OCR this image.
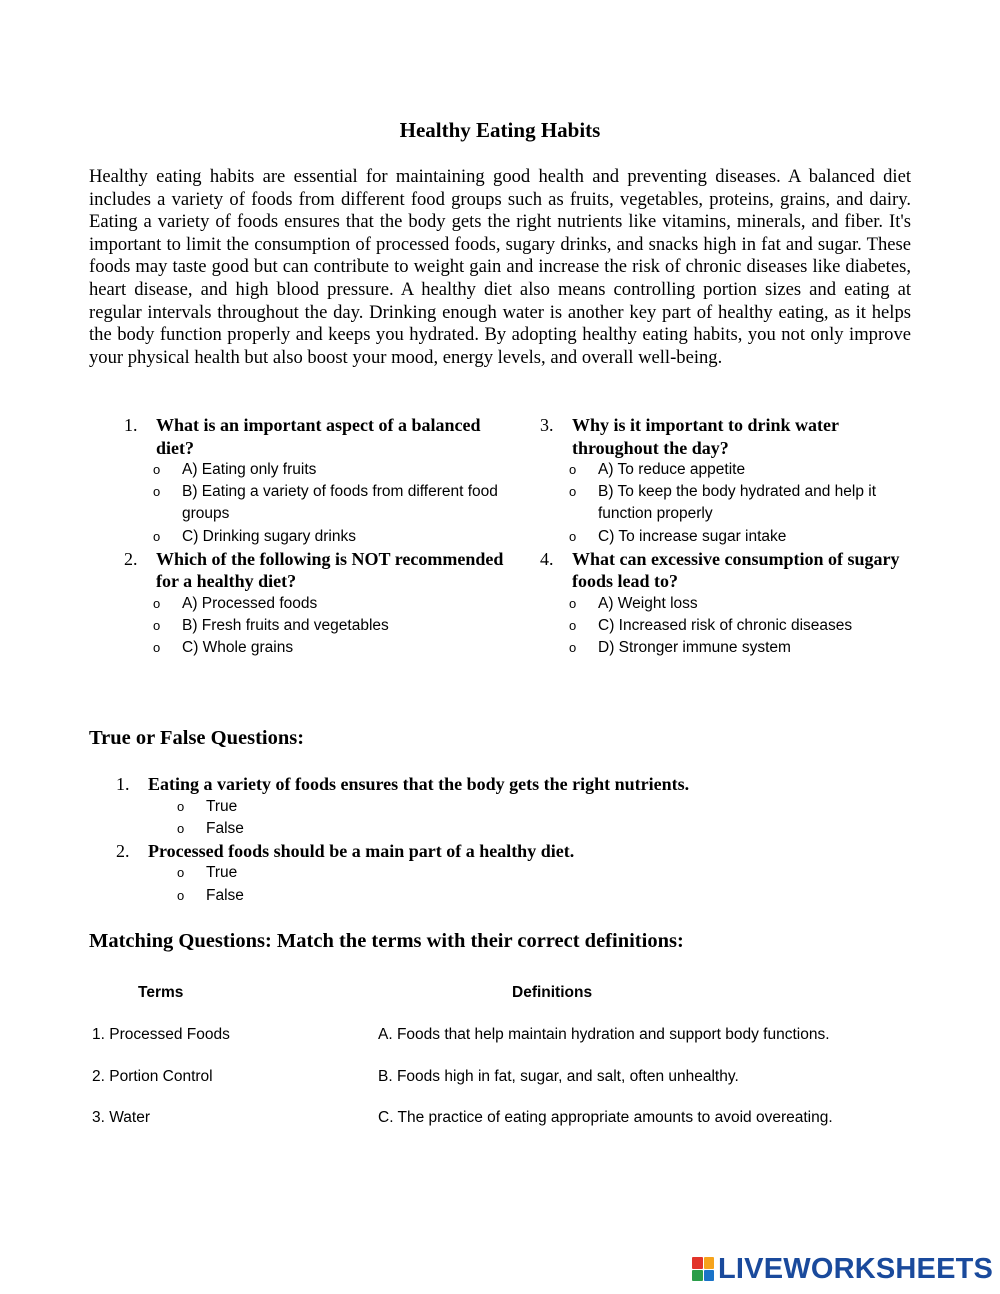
Healthy Eating Habits

Healthy eating habits are essential for maintaining good health and preventing diseases. A balanced diet includes a variety of foods from different food groups such as fruits, vegetables, proteins, grains, and dairy. Eating a variety of foods ensures that the body gets the right nutrients like vitamins, minerals, and fiber. It's important to limit the consumption of processed foods, sugary drinks, and snacks high in fat and sugar. These foods may taste good but can contribute to weight gain and increase the risk of chronic diseases like diabetes, heart disease, and high blood pressure. A healthy diet also means controlling portion sizes and eating at regular intervals throughout the day. Drinking enough water is another key part of healthy eating, as it helps the body function properly and keeps you hydrated. By adopting healthy eating habits, you not only improve your physical health but also boost your mood, energy levels, and overall well-being.

1. What is an important aspect of a balanced diet?
o A) Eating only fruits
o B) Eating a variety of foods from different food groups
o C) Drinking sugary drinks
2. Which of the following is NOT recommended for a healthy diet?
o A) Processed foods
o B) Fresh fruits and vegetables
o C) Whole grains
3. Why is it important to drink water throughout the day?
o A) To reduce appetite
o B) To keep the body hydrated and help it function properly
o C) To increase sugar intake
4. What can excessive consumption of sugary foods lead to?
o A) Weight loss
o C) Increased risk of chronic diseases
o D) Stronger immune system
True or False Questions:
1. Eating a variety of foods ensures that the body gets the right nutrients.
o True
o False
2. Processed foods should be a main part of a healthy diet.
o True
o False
Matching Questions: Match the terms with their correct definitions:
Terms	Definitions
1. Processed Foods	A. Foods that help maintain hydration and support body functions.
2. Portion Control	B. Foods high in fat, sugar, and salt, often unhealthy.
3. Water	C. The practice of eating appropriate amounts to avoid overeating.
LIVEWORKSHEETS
